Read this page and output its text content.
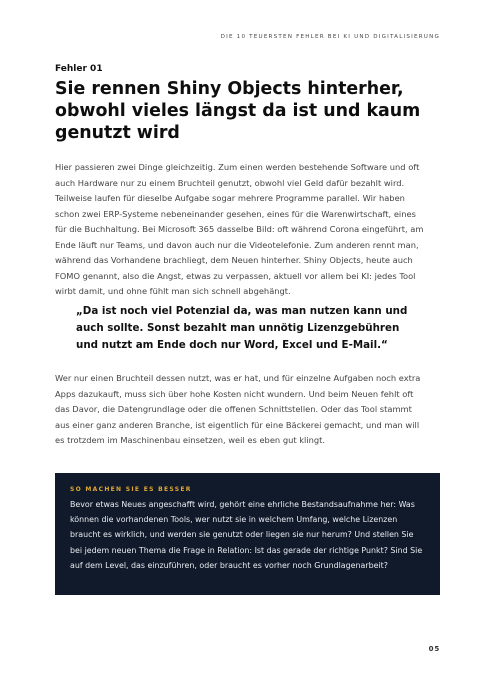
DIE 10 TEUERSTEN FEHLER BEI KI UND DIGITALISIERUNG
Fehler 01
Sie rennen Shiny Objects hinterher, obwohl vieles längst da ist und kaum genutzt wird

Hier passieren zwei Dinge gleichzeitig. Zum einen werden bestehende Software und oft auch Hardware nur zu einem Bruchteil genutzt, obwohl viel Geld dafür bezahlt wird. Teilweise laufen für dieselbe Aufgabe sogar mehrere Programme parallel. Wir haben schon zwei ERP-Systeme nebeneinander gesehen, eines für die Warenwirtschaft, eines für die Buchhaltung. Bei Microsoft 365 dasselbe Bild: oft während Corona eingeführt, am Ende läuft nur Teams, und davon auch nur die Videotelefonie. Zum anderen rennt man, während das Vorhandene brachliegt, dem Neuen hinterher. Shiny Objects, heute auch FOMO genannt, also die Angst, etwas zu verpassen, aktuell vor allem bei KI: jedes Tool wirbt damit, und ohne fühlt man sich schnell abgehängt.

„Da ist noch viel Potenzial da, was man nutzen kann und auch sollte. Sonst bezahlt man unnötig Lizenzgebühren und nutzt am Ende doch nur Word, Excel und E-Mail.“

Wer nur einen Bruchteil dessen nutzt, was er hat, und für einzelne Aufgaben noch extra Apps dazukauft, muss sich über hohe Kosten nicht wundern. Und beim Neuen fehlt oft das Davor, die Datengrundlage oder die offenen Schnittstellen. Oder das Tool stammt aus einer ganz anderen Branche, ist eigentlich für eine Bäckerei gemacht, und man will es trotzdem im Maschinenbau einsetzen, weil es eben gut klingt.

SO MACHEN SIE ES BESSER

Bevor etwas Neues angeschafft wird, gehört eine ehrliche Bestandsaufnahme her: Was können die vorhandenen Tools, wer nutzt sie in welchem Umfang, welche Lizenzen braucht es wirklich, und werden sie genutzt oder liegen sie nur herum? Und stellen Sie bei jedem neuen Thema die Frage in Relation: Ist das gerade der richtige Punkt? Sind Sie auf dem Level, das einzuführen, oder braucht es vorher noch Grundlagenarbeit?

05
